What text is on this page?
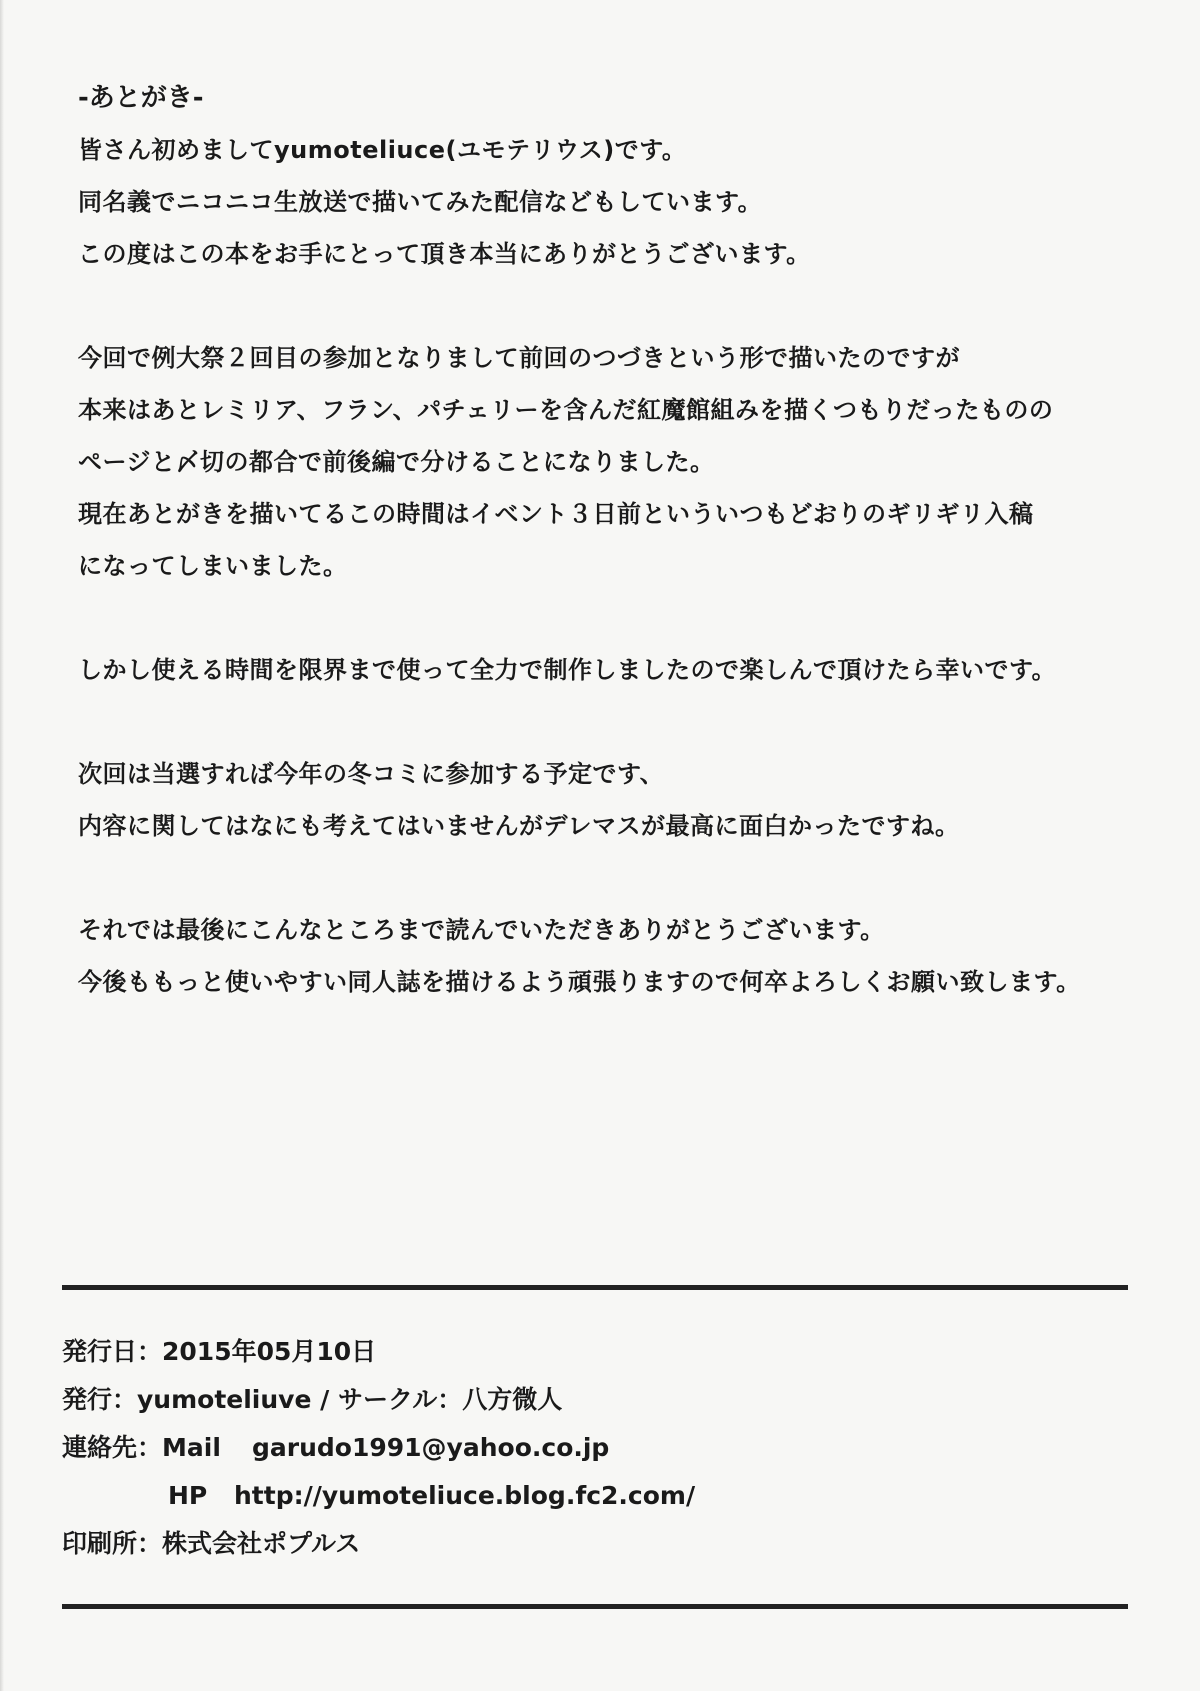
-あとがき-
皆さん初めましてyumoteliuce(ユモテリウス)です。
同名義でニコニコ生放送で描いてみた配信などもしています。
この度はこの本をお手にとって頂き本当にありがとうございます。
今回で例大祭２回目の参加となりまして前回のつづきという形で描いたのですが
本来はあとレミリア、フラン、パチェリーを含んだ紅魔館組みを描くつもりだったものの
ページと〆切の都合で前後編で分けることになりました。
現在あとがきを描いてるこの時間はイベント３日前といういつもどおりのギリギリ入稿
になってしまいました。
しかし使える時間を限界まで使って全力で制作しましたので楽しんで頂けたら幸いです。
次回は当選すれば今年の冬コミに参加する予定です、
内容に関してはなにも考えてはいませんがデレマスが最高に面白かったですね。
それでは最後にこんなところまで読んでいただきありがとうございます。
今後ももっと使いやすい同人誌を描けるよう頑張りますので何卒よろしくお願い致します。
発行日：2015年05月10日
発行：yumoteliuve / サークル：八方微人
連絡先：Mail garudo1991@yahoo.co.jp
HP http://yumoteliuce.blog.fc2.com/
印刷所：株式会社ポプルス
